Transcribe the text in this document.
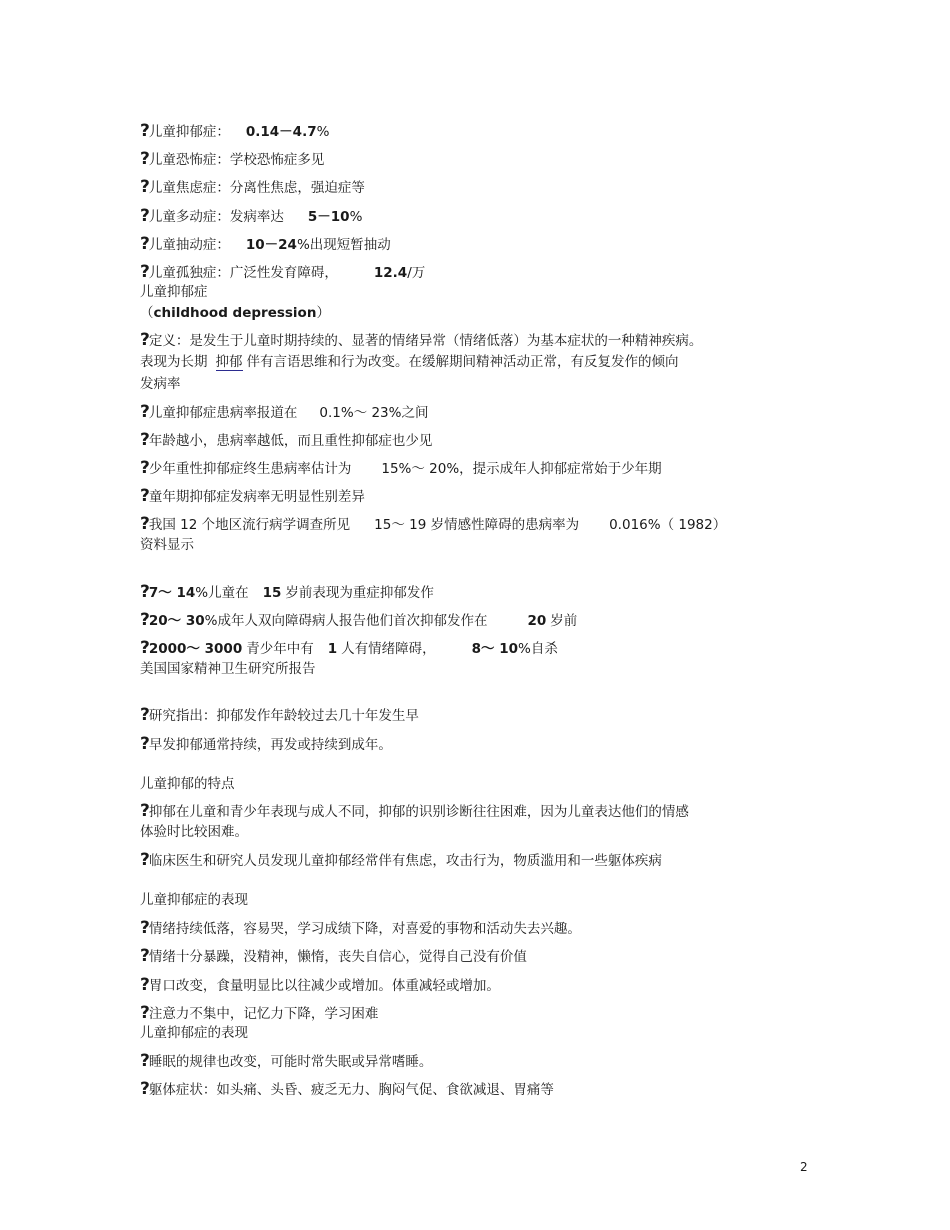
?儿童抑郁症： 0.14－4.7%
?儿童恐怖症：学校恐怖症多见
?儿童焦虑症：分离性焦虑，强迫症等
?儿童多动症：发病率达 5－10%
?儿童抽动症： 10－24%出现短暂抽动
?儿童孤独症：广泛性发育障碍，	12.4/万
儿童抑郁症
（childhood depression）
?定义：是发生于儿童时期持续的、显著的情绪异常（情绪低落）为基本症状的一种精神疾病。
表现为长期 抑郁 伴有言语思维和行为改变。在缓解期间精神活动正常，有反复发作的倾向
发病率
?儿童抑郁症患病率报道在 0.1%～ 23%之间
?年龄越小，患病率越低，而且重性抑郁症也少见
?少年重性抑郁症终生患病率估计为 15%～ 20%，提示成年人抑郁症常始于少年期
?童年期抑郁症发病率无明显性别差异
?我国 12 个地区流行病学调查所见 15～ 19 岁情感性障碍的患病率为 0.016%（ 1982）
资料显示
?7～ 14%儿童在 15 岁前表现为重症抑郁发作
?20～ 30%成年人双向障碍病人报告他们首次抑郁发作在	20 岁前
?2000～ 3000 青少年中有 1 人有情绪障碍，	8～ 10%自杀
美国国家精神卫生研究所报告
?研究指出：抑郁发作年龄较过去几十年发生早
?早发抑郁通常持续，再发或持续到成年。
儿童抑郁的特点
?抑郁在儿童和青少年表现与成人不同，抑郁的识别诊断往往困难，因为儿童表达他们的情感
体验时比较困难。
?临床医生和研究人员发现儿童抑郁经常伴有焦虑，攻击行为，物质滥用和一些躯体疾病
儿童抑郁症的表现
?情绪持续低落，容易哭，学习成绩下降，对喜爱的事物和活动失去兴趣。
?情绪十分暴躁，没精神，懒惰，丧失自信心，觉得自己没有价值
?胃口改变，食量明显比以往减少或增加。体重减轻或增加。
?注意力不集中，记忆力下降，学习困难
儿童抑郁症的表现
?睡眠的规律也改变，可能时常失眠或异常嗜睡。
?躯体症状：如头痛、头昏、疲乏无力、胸闷气促、食欲减退、胃痛等
2
